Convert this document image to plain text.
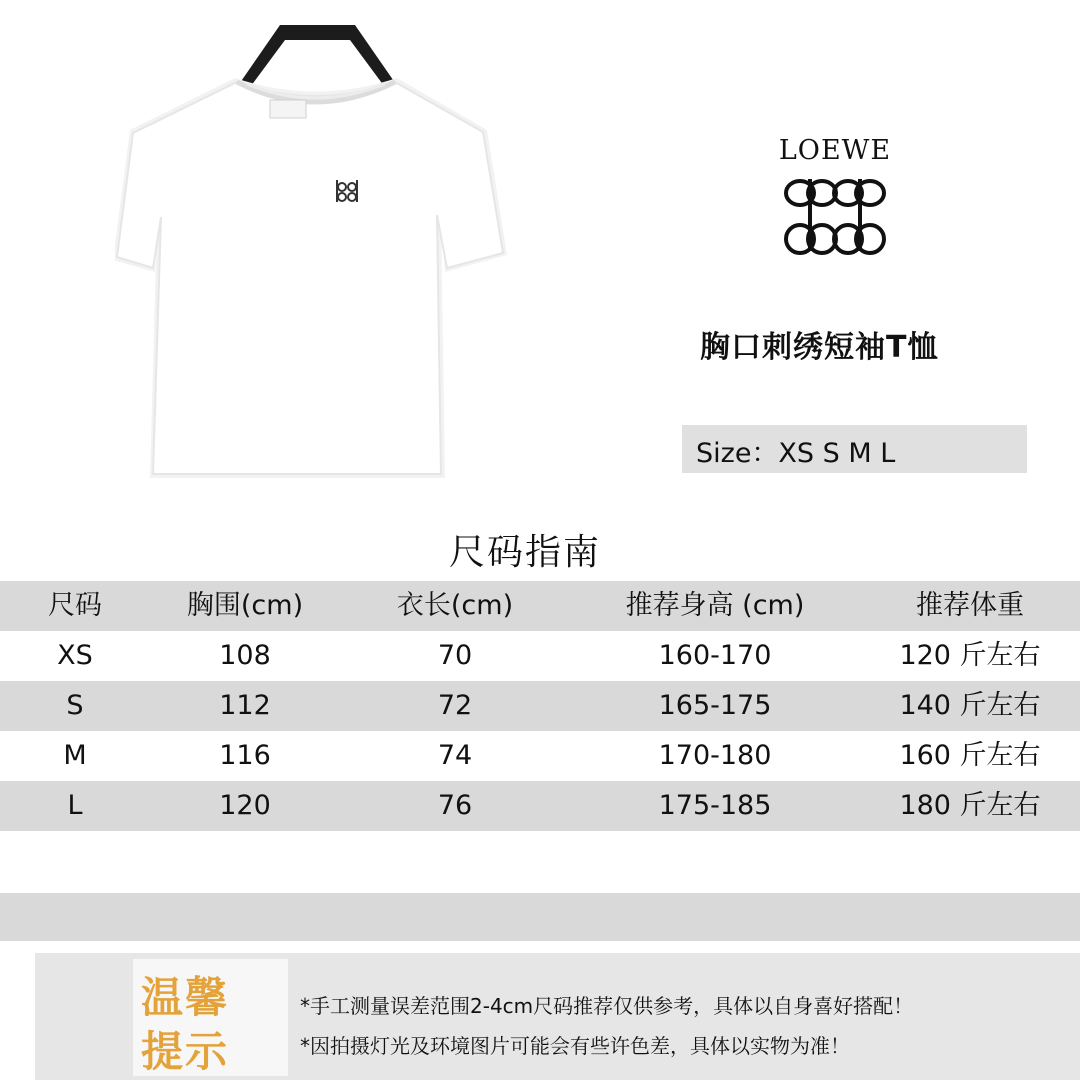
LOEWE
胸口刺绣短袖T恤
Size：XS S M L
尺码指南
尺码	胸围(cm)	衣长(cm)	推荐身高 (cm)	推荐体重
XS	108	70	160-170	120 斤左右
S	112	72	165-175	140 斤左右
M	116	74	170-180	160 斤左右
L	120	76	175-185	180 斤左右
温馨
提示
*手工测量误差范围2-4cm尺码推荐仅供参考，具体以自身喜好搭配！
*因拍摄灯光及环境图片可能会有些许色差，具体以实物为准！
